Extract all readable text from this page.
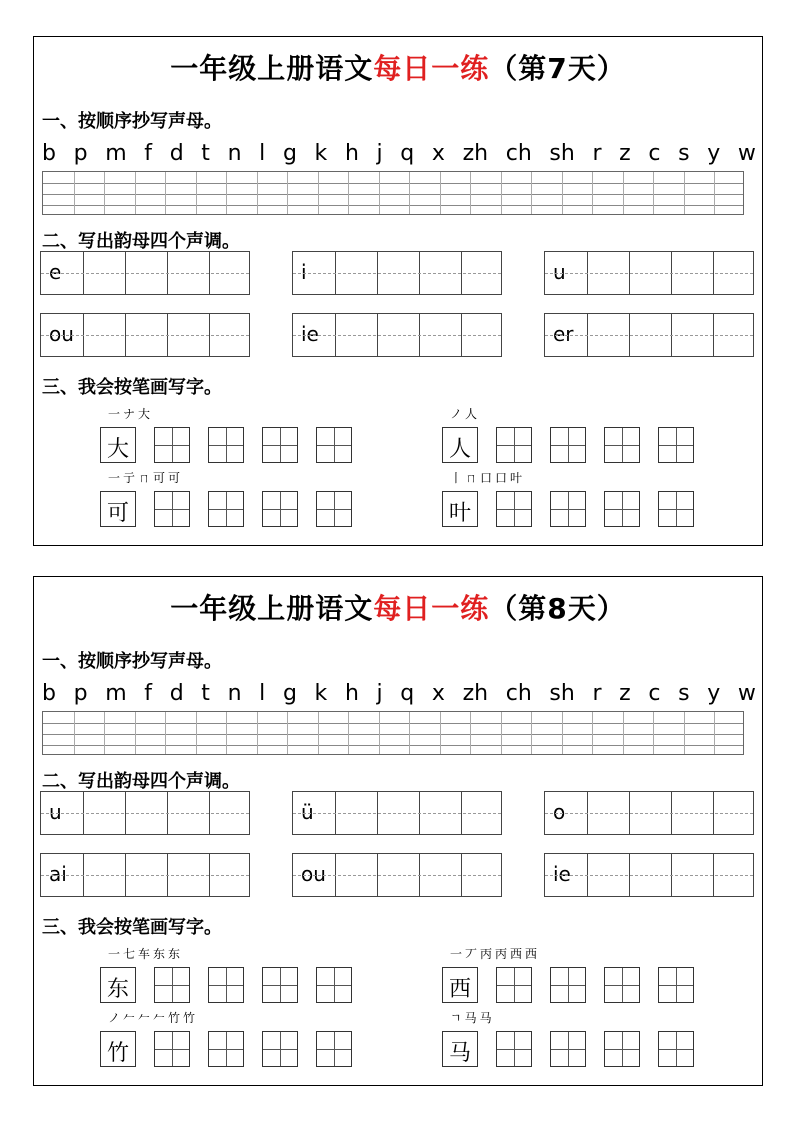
一年级上册语文每日一练（第7天）
一、按顺序抄写声母。
二、写出韵母四个声调。
三、我会按笔画写字。
b p m f d t n l g k h j q x zh ch sh r z c s y w
e	i	u
ou	ie	er
一ナ大
大
ノ人
人
一亍ㄇ可可
可
丨ㄇ口口叶
叶
一年级上册语文每日一练（第8天）
一、按顺序抄写声母。
二、写出韵母四个声调。
三、我会按笔画写字。
b p m f d t n l g k h j q x zh ch sh r z c s y w
u	ü	o
ai	ou	ie
一七车东东
东
一丆丙丙西西
西
ノ𠂉𠂉𠂉竹竹
竹
ㄱ马马
马
